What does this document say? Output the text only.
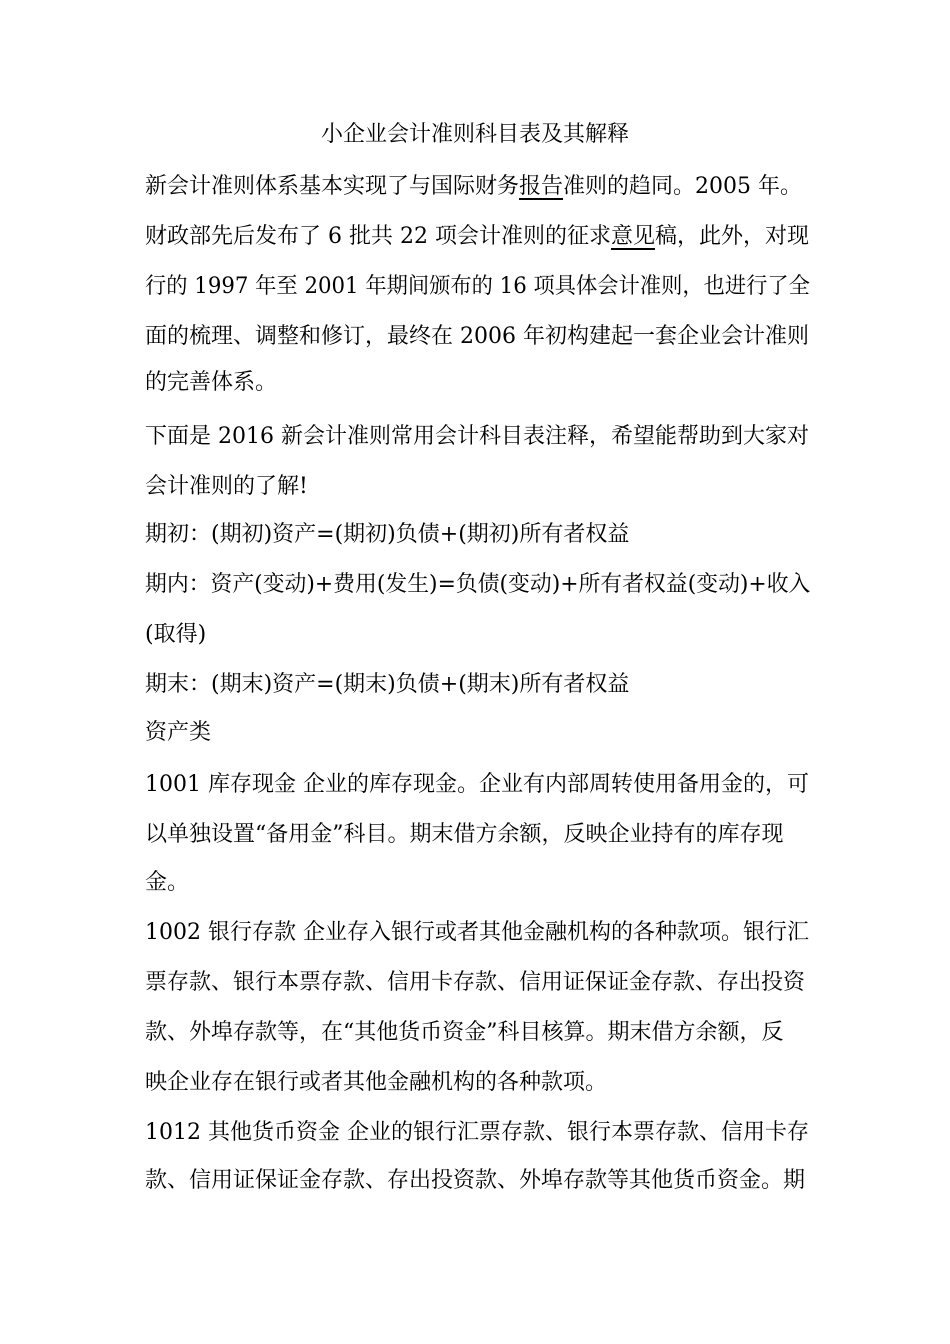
小企业会计准则科目表及其解释
新会计准则体系基本实现了与国际财务报告准则的趋同。2005 年。
财政部先后发布了 6 批共 22 项会计准则的征求意见稿，此外，对现
行的 1997 年至 2001 年期间颁布的 16 项具体会计准则，也进行了全
面的梳理、调整和修订，最终在 2006 年初构建起一套企业会计准则
的完善体系。
下面是 2016 新会计准则常用会计科目表注释，希望能帮助到大家对
会计准则的了解!
期初：(期初)资产=(期初)负债+(期初)所有者权益
期内：资产(变动)+费用(发生)=负债(变动)+所有者权益(变动)+收入
(取得)
期末：(期末)资产=(期末)负债+(期末)所有者权益
资产类
1001 库存现金 企业的库存现金。企业有内部周转使用备用金的，可
以单独设置“备用金”科目。期末借方余额，反映企业持有的库存现
金。
1002 银行存款 企业存入银行或者其他金融机构的各种款项。银行汇
票存款、银行本票存款、信用卡存款、信用证保证金存款、存出投资
款、外埠存款等，在“其他货币资金”科目核算。期末借方余额，反
映企业存在银行或者其他金融机构的各种款项。
1012 其他货币资金 企业的银行汇票存款、银行本票存款、信用卡存
款、信用证保证金存款、存出投资款、外埠存款等其他货币资金。期
